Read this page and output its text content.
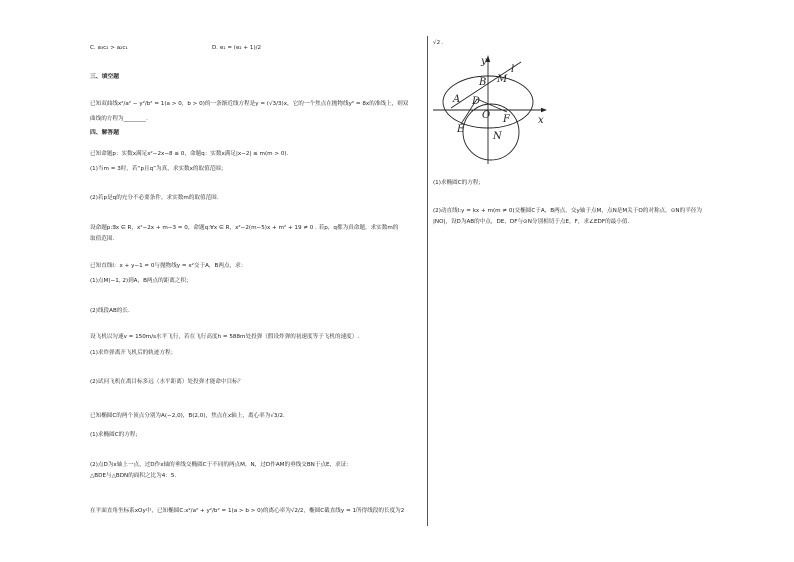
C. a₃c₂ > a₂c₁	D. e₁ = (e₂ + 1)/2
三、填空题
已知双曲线x²/a² − y²/b² = 1(a > 0，b > 0)的一条渐近线方程是y = (√3/3)x，它的一个焦点在抛物线y² = 8x的准线上，则双
曲线的方程为________.
四、解答题
已知命题p：实数x满足x²−2x−8 ≤ 0，命题q：实数x满足|x−2| ≤ m(m > 0).
(1)当m = 3时，若“p且q”为真，求实数x的取值范围；
(2)若p是q的充分不必要条件，求实数m的取值范围.
设命题p:∃x ∈ R，x²−2x + m−3 = 0，命题q:∀x ∈ R，x²−2(m−5)x + m² + 19 ≠ 0 . 若p，q都为真命题，求实数m的
取值范围.
已知直线l：x + y−1 = 0与抛物线y = x²交于A，B两点，求：
(1)点M(−1, 2)到A，B两点的距离之积；
(2)线段AB的长.
设飞机以匀速v = 150m/s水平飞行，若在飞行高度h = 588m处投弹（假设炸弹的初速度等于飞机的速度）.
(1)求炸弹离开飞机后的轨迹方程；
(2)试问飞机在离目标多远（水平距离）处投弹才能命中目标？
已知椭圆C的两个顶点分别为A(−2,0)，B(2,0)，焦点在x轴上，离心率为√3/2.
(1)求椭圆C的方程；
(2)点D为x轴上一点，过D作x轴的垂线交椭圆C于不同的两点M，N，过D作AM的垂线交BN于点E，求证：
△BDE与△BDN的面积之比为4：5.
在平面直角坐标系xOy中，已知椭圆C:x²/a² + y²/b² = 1(a > b > 0)的离心率为√2/2，椭圆C截直线y = 1所得线段的长度为2
√2 .
y
x
l
M
B
A D
O F
E
N
(1)求椭圆C的方程；
(2)动直线l:y = kx + m(m ≠ 0)交椭圆C于A，B两点，交y轴于点M，点N是M关于O的对称点，⊙N的半径为
|NO|，设D为AB的中点，DE，DF与⊙N分别相切于点E，F，求∠EDF的最小值.
